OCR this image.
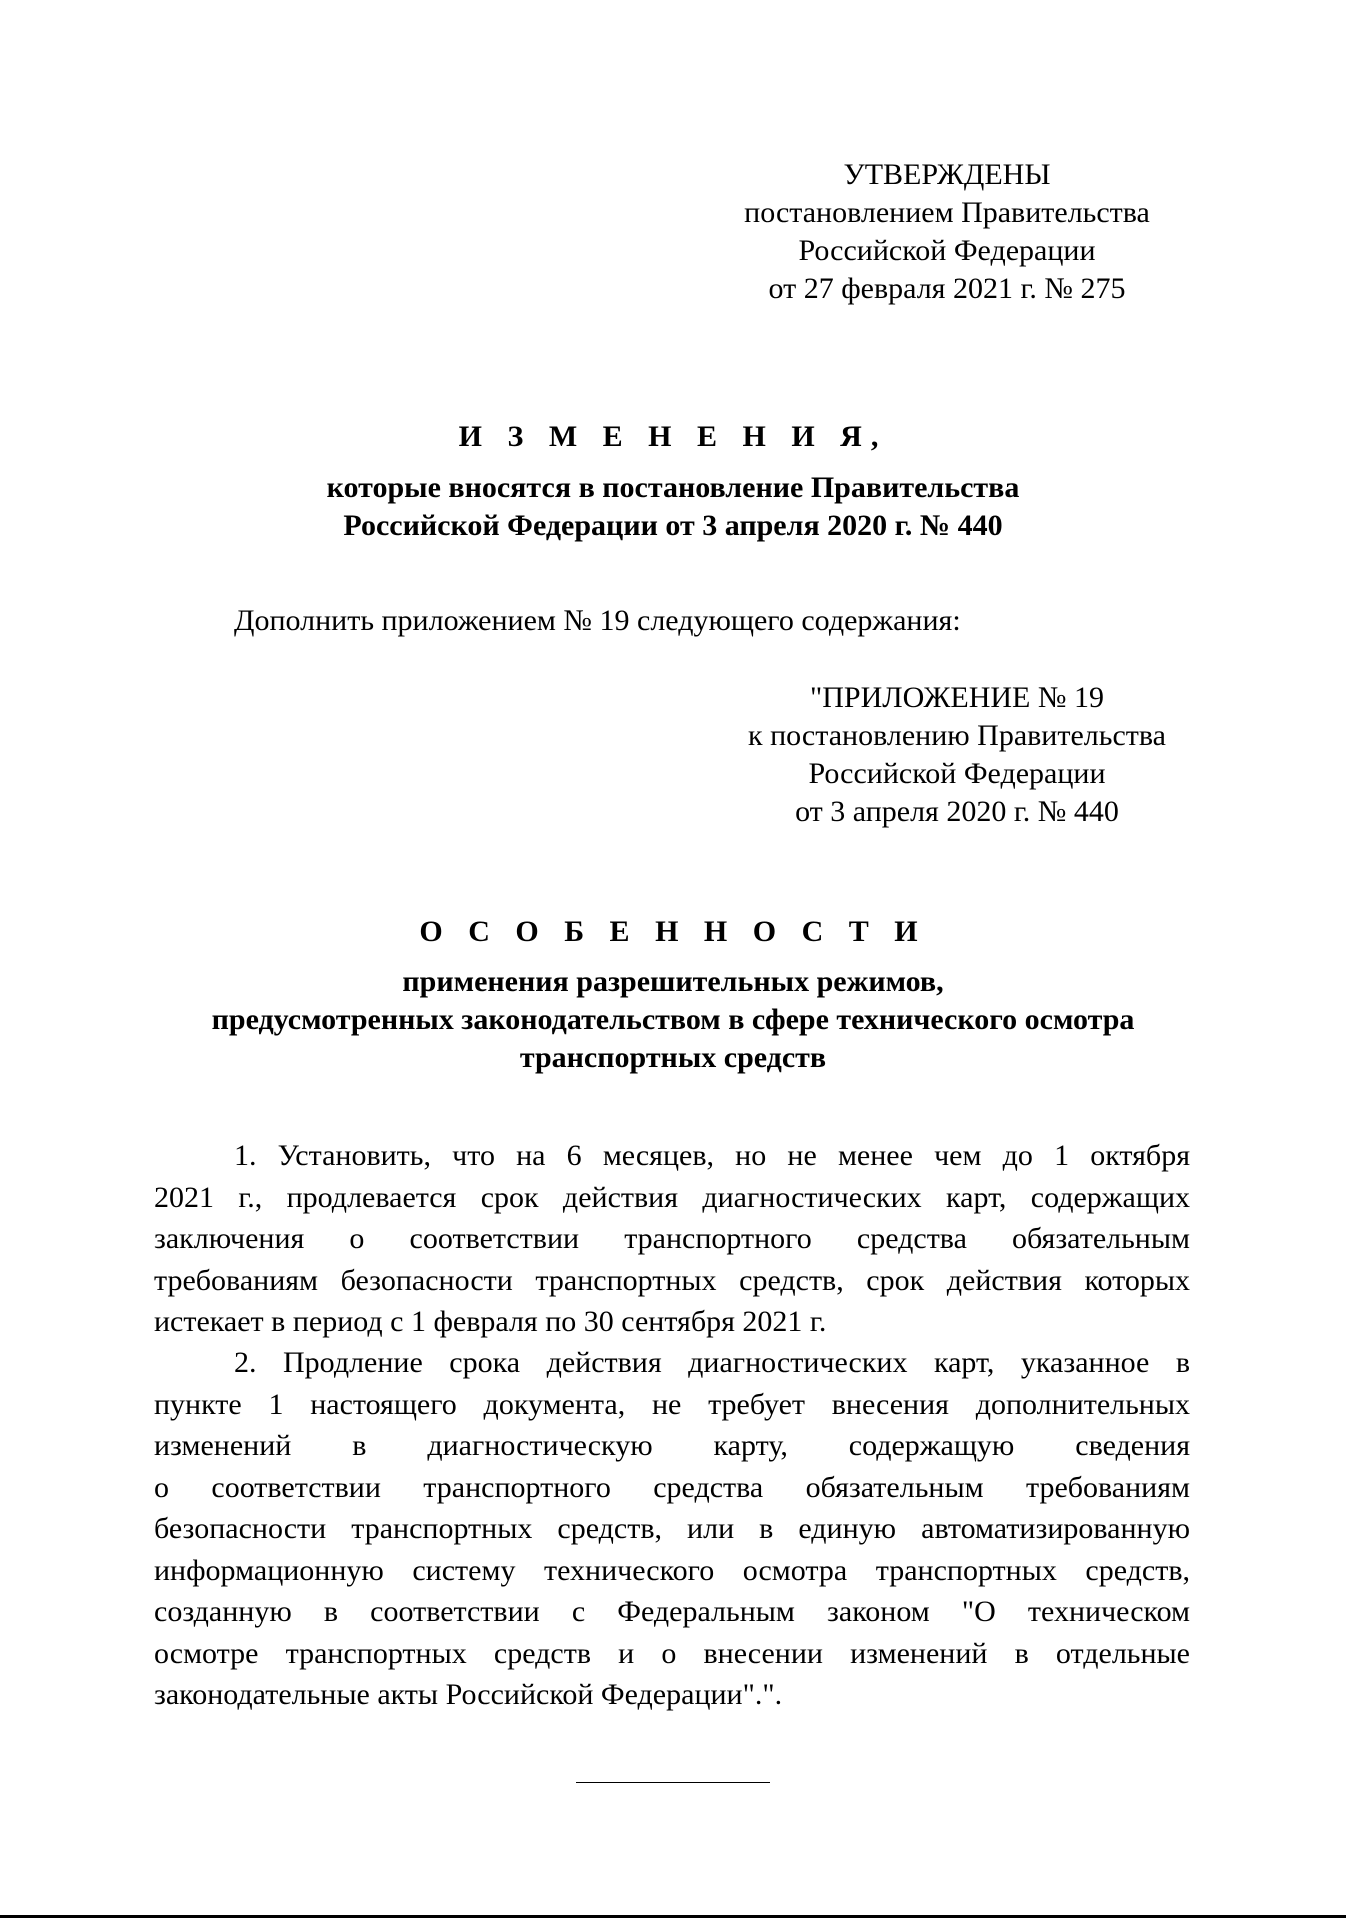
УТВЕРЖДЕНЫ
постановлением Правительства
Российской Федерации
от 27 февраля 2021 г. № 275
И З М Е Н Е Н И Я,
которые вносятся в постановление Правительства
Российской Федерации от 3 апреля 2020 г. № 440
Дополнить приложением № 19 следующего содержания:
"ПРИЛОЖЕНИЕ № 19
к постановлению Правительства
Российской Федерации
от 3 апреля 2020 г. № 440
О С О Б Е Н Н О С Т И
применения разрешительных режимов,
предусмотренных законодательством в сфере технического осмотра
транспортных средств
1. Установить, что на 6 месяцев, но не менее чем до 1 октября
2021 г., продлевается срок действия диагностических карт, содержащих
заключения о соответствии транспортного средства обязательным
требованиям безопасности транспортных средств, срок действия которых
истекает в период с 1 февраля по 30 сентября 2021 г.
2. Продление срока действия диагностических карт, указанное в
пункте 1 настоящего документа, не требует внесения дополнительных
изменений в диагностическую карту, содержащую сведения
о соответствии транспортного средства обязательным требованиям
безопасности транспортных средств, или в единую автоматизированную
информационную систему технического осмотра транспортных средств,
созданную в соответствии с Федеральным законом "О техническом
осмотре транспортных средств и о внесении изменений в отдельные
законодательные акты Российской Федерации".".
